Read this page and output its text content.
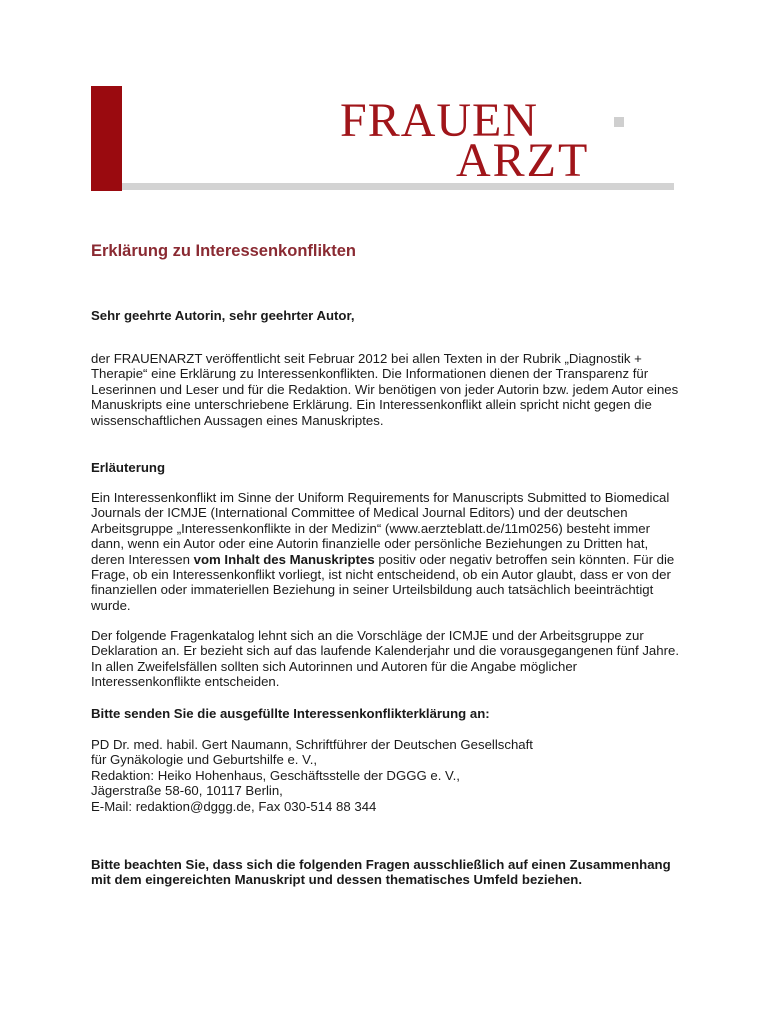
FRAUEN
ARZT
Erklärung zu Interessenkonflikten

Sehr geehrte Autorin, sehr geehrter Autor,

der FRAUENARZT veröffentlicht seit Februar 2012 bei allen Texten in der Rubrik „Diagnostik + Therapie“ eine Erklärung zu Interessenkonflikten. Die Informationen dienen der Transparenz für Leserinnen und Leser und für die Redaktion. Wir benötigen von jeder Autorin bzw. jedem Autor eines Manuskripts eine unterschriebene Erklärung. Ein Interessenkonflikt allein spricht nicht gegen die wissenschaftlichen Aussagen eines Manuskriptes.

Erläuterung

Ein Interessenkonflikt im Sinne der Uniform Requirements for Manuscripts Submitted to Biomedical Journals der ICMJE (International Committee of Medical Journal Editors) und der deutschen Arbeitsgruppe „Interessenkonflikte in der Medizin“ (www.aerzteblatt.de/11m0256) besteht immer dann, wenn ein Autor oder eine Autorin finanzielle oder persönliche Beziehungen zu Dritten hat, deren Interessen vom Inhalt des Manuskriptes positiv oder negativ betroffen sein könnten. Für die Frage, ob ein Interessenkonflikt vorliegt, ist nicht entscheidend, ob ein Autor glaubt, dass er von der finanziellen oder immateriellen Beziehung in seiner Urteilsbildung auch tatsächlich beeinträchtigt wurde.

Der folgende Fragenkatalog lehnt sich an die Vorschläge der ICMJE und der Arbeitsgruppe zur Deklaration an. Er bezieht sich auf das laufende Kalenderjahr und die vorausgegangenen fünf Jahre. In allen Zweifelsfällen sollten sich Autorinnen und Autoren für die Angabe möglicher Interessenkonflikte entscheiden.

Bitte senden Sie die ausgefüllte Interessenkonflikterklärung an:

PD Dr. med. habil. Gert Naumann, Schriftführer der Deutschen Gesellschaft
für Gynäkologie und Geburtshilfe e. V.,
Redaktion: Heiko Hohenhaus, Geschäftsstelle der DGGG e. V.,
Jägerstraße 58-60, 10117 Berlin,
E-Mail: redaktion@dggg.de, Fax 030-514 88 344

Bitte beachten Sie, dass sich die folgenden Fragen ausschließlich auf einen Zusammenhang mit dem eingereichten Manuskript und dessen thematisches Umfeld beziehen.
